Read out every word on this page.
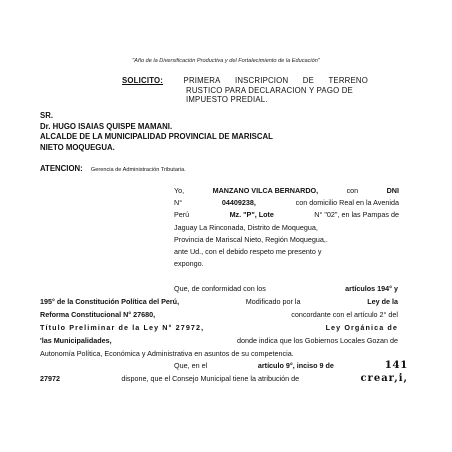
"Año de la Diversificación Productiva y del Fortalecimiento de la Educación"
SOLICITO:	PRIMERA INSCRIPCION DE TERRENO
RUSTICO PARA DECLARACION Y PAGO DE
IMPUESTO PREDIAL.
SR.
Dr. HUGO ISAIAS QUISPE MAMANI.
ALCALDE DE LA MUNICIPALIDAD PROVINCIAL DE MARISCAL
NIETO MOQUEGUA.
ATENCION: Gerencia de Administración Tributaria.
Yo,	MANZANO VILCA BERNARDO,	con	DNI
N°	04409238,	con domicilio Real en la Avenida
Perú	Mz. "P", Lote	N° "02", en las Pampas de
Jaguay La Rinconada, Distrito de Moquegua,
Provincia de Mariscal Nieto, Región Moquegua,.
ante Ud., con el debido respeto me presento y
expongo.
Que, de conformidad con los	artículos 194° y
195° de la Constitución Política del Perú,	Modificado por la	Ley de la
Reforma Constitucional N° 27680,	concordante con el artículo 2° del
Título Preliminar de la Ley N° 27972,	Ley Orgánica de
'las Municipalidades,	donde indica que los Gobiernos Locales Gozan de
Autonomía Política, Económica y Administrativa en asuntos de su competencia.
Que, en el	artículo 9°, inciso 9 de	141
27972	dispone, que el Consejo Municipal tiene la atribución de	crear,i,
